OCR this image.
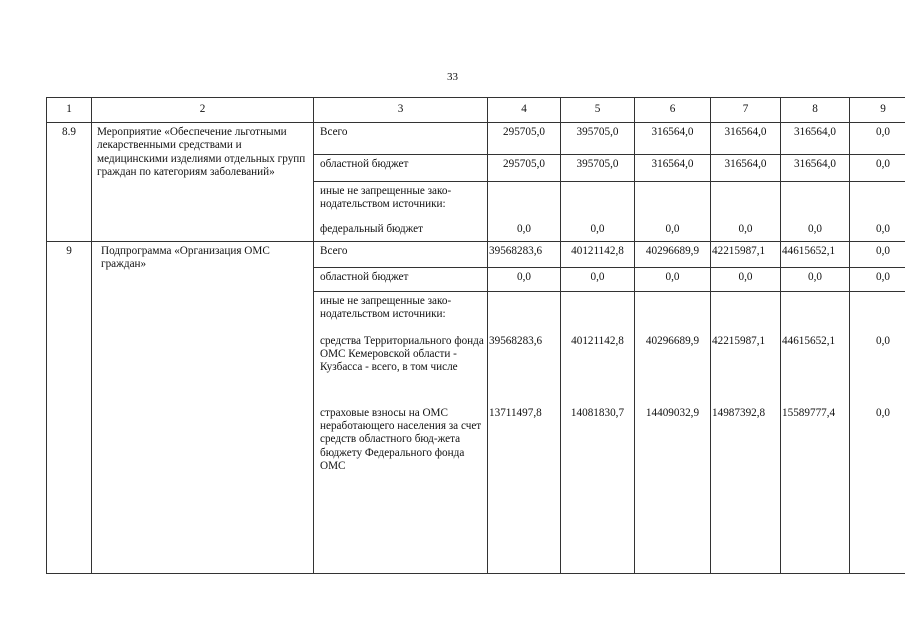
33
1	2	3	4	5	6	7	8	9
8.9	Мероприятие «Обеспечение льготными лекарственными средствами и медицинскими изделиями отдельных групп граждан по категориям заболеваний»	Всего	295705,0	395705,0	316564,0	316564,0	316564,0	0,0
		областной бюджет	295705,0	395705,0	316564,0	316564,0	316564,0	0,0
		иные не запрещенные зако-нодательством источники:						
		федеральный бюджет	0,0	0,0	0,0	0,0	0,0	0,0
9	Подпрограмма «Организация ОМС граждан»	Всего	39568283,6	40121142,8	40296689,9	42215987,1	44615652,1	0,0
		областной бюджет	0,0	0,0	0,0	0,0	0,0	0,0
		иные не запрещенные зако-нодательством источники:						
		средства Территориального фонда ОМС Кемеровской области - Кузбасса - всего, в том числе	39568283,6	40121142,8	40296689,9	42215987,1	44615652,1	0,0
		страховые взносы на ОМС неработающего населения за счет средств областного бюд-жета бюджету Федерального фонда ОМС	13711497,8	14081830,7	14409032,9	14987392,8	15589777,4	0,0
